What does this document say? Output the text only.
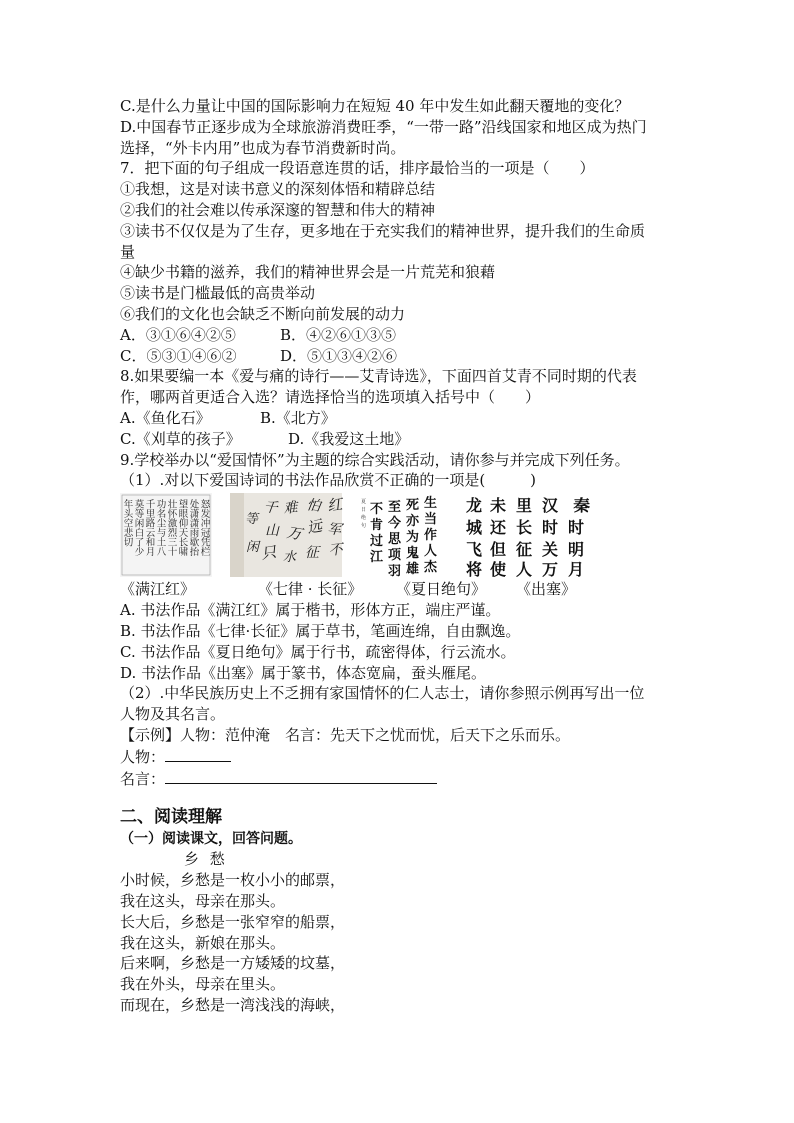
C.是什么力量让中国的国际影响力在短短 40 年中发生如此翻天覆地的变化？
D.中国春节正逐步成为全球旅游消费旺季，“一带一路”沿线国家和地区成为热门
选择，“外卡内用”也成为春节消费新时尚。
7．把下面的句子组成一段语意连贯的话，排序最恰当的一项是（　　）
①我想，这是对读书意义的深刻体悟和精辟总结
②我们的社会难以传承深邃的智慧和伟大的精神
③读书不仅仅是为了生存，更多地在于充实我们的精神世界，提升我们的生命质
量
④缺少书籍的滋养，我们的精神世界会是一片荒芜和狼藉
⑤读书是门槛最低的高贵举动
⑥我们的文化也会缺乏不断向前发展的动力
A．③①⑥④②⑤	B．④②⑥①③⑤
C．⑤③①④⑥②	D．⑤①③④②⑥
8.如果要编一本《爱与痛的诗行——艾青诗选》，下面四首艾青不同时期的代表
作，哪两首更适合入选？请选择恰当的选项填入括号中（　　）
A.《鱼化石》	B.《北方》
C.《刈草的孩子》	D.《我爱这土地》
9.学校举办以“爱国情怀”为主题的综合实践活动，请你参与并完成下列任务。
（1）.对以下爱国诗词的书法作品欣赏不正确的一项是(　　　)
怒发冲冠凭栏
处潇潇雨歇抬
望眼仰天长啸
壮怀激烈三十
功名尘与土八
千里路云和月
莫等闲白了少
年头空悲切	红
军
不
怕
远
征
难
万
水
千
山
只
等
闲
生
当
作
人
杰
死
亦
为
鬼
雄
至
今
思
项
羽
不
肯
过
江
夏
日
绝
句
秦
时
明
月
汉
时
关
万
里
长
征
人
未
还
但
使
龙
城
飞
将
《满江红》	《七律 · 长征》	《夏日绝句》	《出塞》
A. 书法作品《满江红》属于楷书，形体方正，端庄严谨。
B. 书法作品《七律·长征》属于草书，笔画连绵，自由飘逸。
C. 书法作品《夏日绝句》属于行书，疏密得体，行云流水。
D. 书法作品《出塞》属于篆书，体态宽扁，蚕头雁尾。
（2）.中华民族历史上不乏拥有家国情怀的仁人志士，请你参照示例再写出一位
人物及其名言。
【示例】人物：范仲淹　名言：先天下之忧而忧，后天下之乐而乐。
人物：
名言：
二、阅读理解
（一）阅读课文，回答问题。
乡 愁
小时候，乡愁是一枚小小的邮票，
我在这头，母亲在那头。
长大后，乡愁是一张窄窄的船票，
我在这头，新娘在那头。
后来啊，乡愁是一方矮矮的坟墓，
我在外头，母亲在里头。
而现在，乡愁是一湾浅浅的海峡，
